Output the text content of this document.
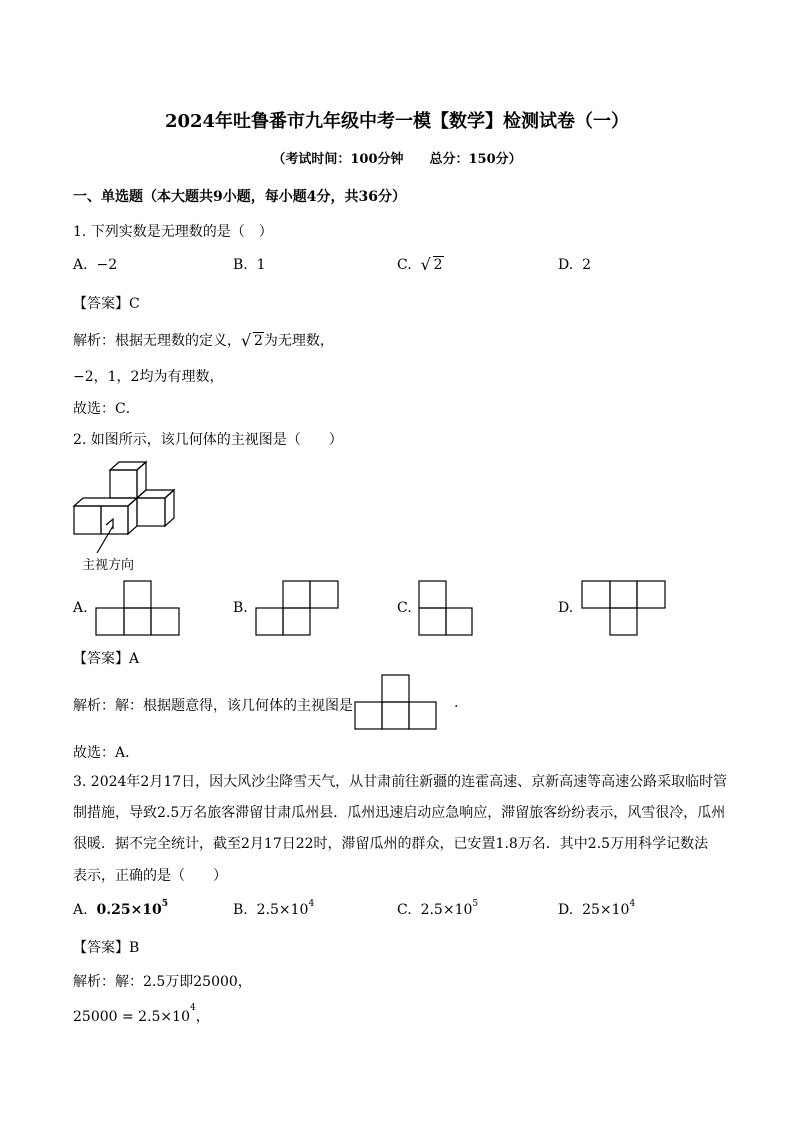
2024年吐鲁番市九年级中考一模【数学】检测试卷（一）
（考试时间：100分钟　　总分：150分）
一、单选题（本大题共9小题，每小题4分，共36分）
1. 下列实数是无理数的是（　）
A. −2	B. 1	C. √ 2	D. 2
【答案】C
解析：根据无理数的定义， √ 2为无理数，
−2，1，2均为有理数，
故选：C．
2. 如图所示，该几何体的主视图是（　　）
主视方向
A.	B.	C.	D.
【答案】A
解析：解：根据题意得，该几何体的主视图是	.
故选：A．
3. 2024年2月17日，因大风沙尘降雪天气，从甘肃前往新疆的连霍高速、京新高速等高速公路采取临时管
制措施，导致2.5万名旅客滞留甘肃瓜州县．瓜州迅速启动应急响应，滞留旅客纷纷表示，风雪很冷，瓜州
很暖．据不完全统计，截至2月17日22时，滞留瓜州的群众，已安置1.8万名．其中2.5万用科学记数法
表示，正确的是（　　）
A. $0.25\times 10^5$	B. $2.5\times 10^4$	C. $2.5\times 10^5$	D. $25\times 10^4$
【答案】B
解析：解：2.5万即25000，
$25000 = 2.5\times 10^4$，
